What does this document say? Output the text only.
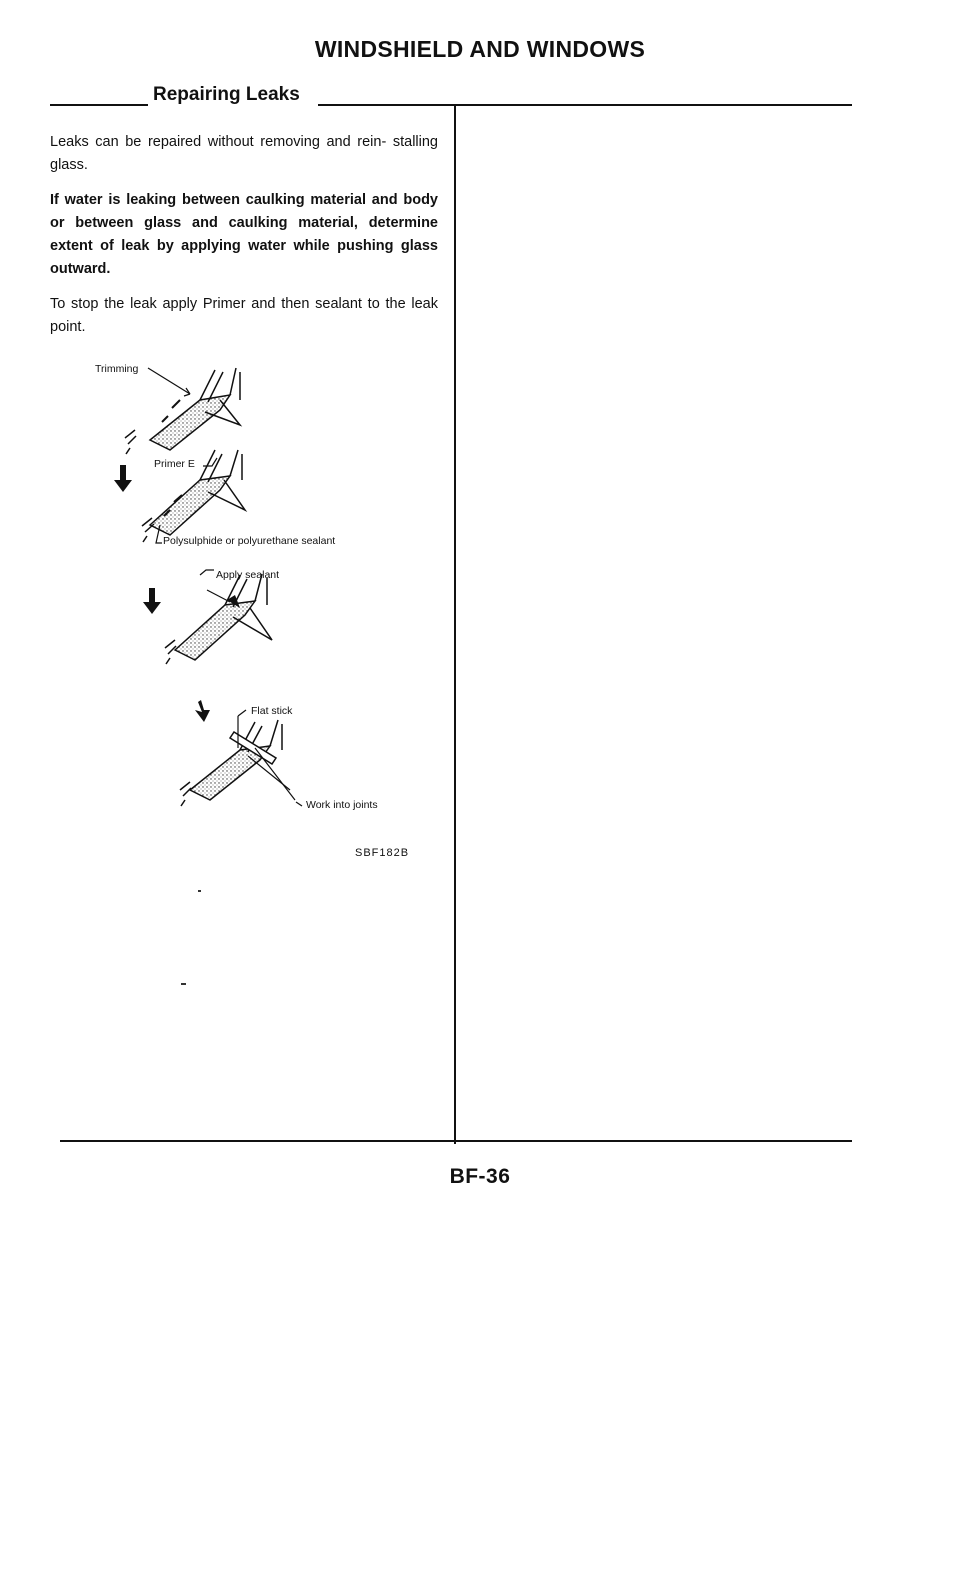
WINDSHIELD AND WINDOWS
Repairing Leaks

Leaks can be repaired without removing and rein- stalling glass.

If water is leaking between caulking material and body or between glass and caulking material, determine extent of leak by applying water while pushing glass outward.

To stop the leak apply Primer and then sealant to the leak point.

Trimming
Primer E
Polysulphide or polyurethane sealant
Apply sealant
Flat stick
Work into joints
SBF182B
BF-36
